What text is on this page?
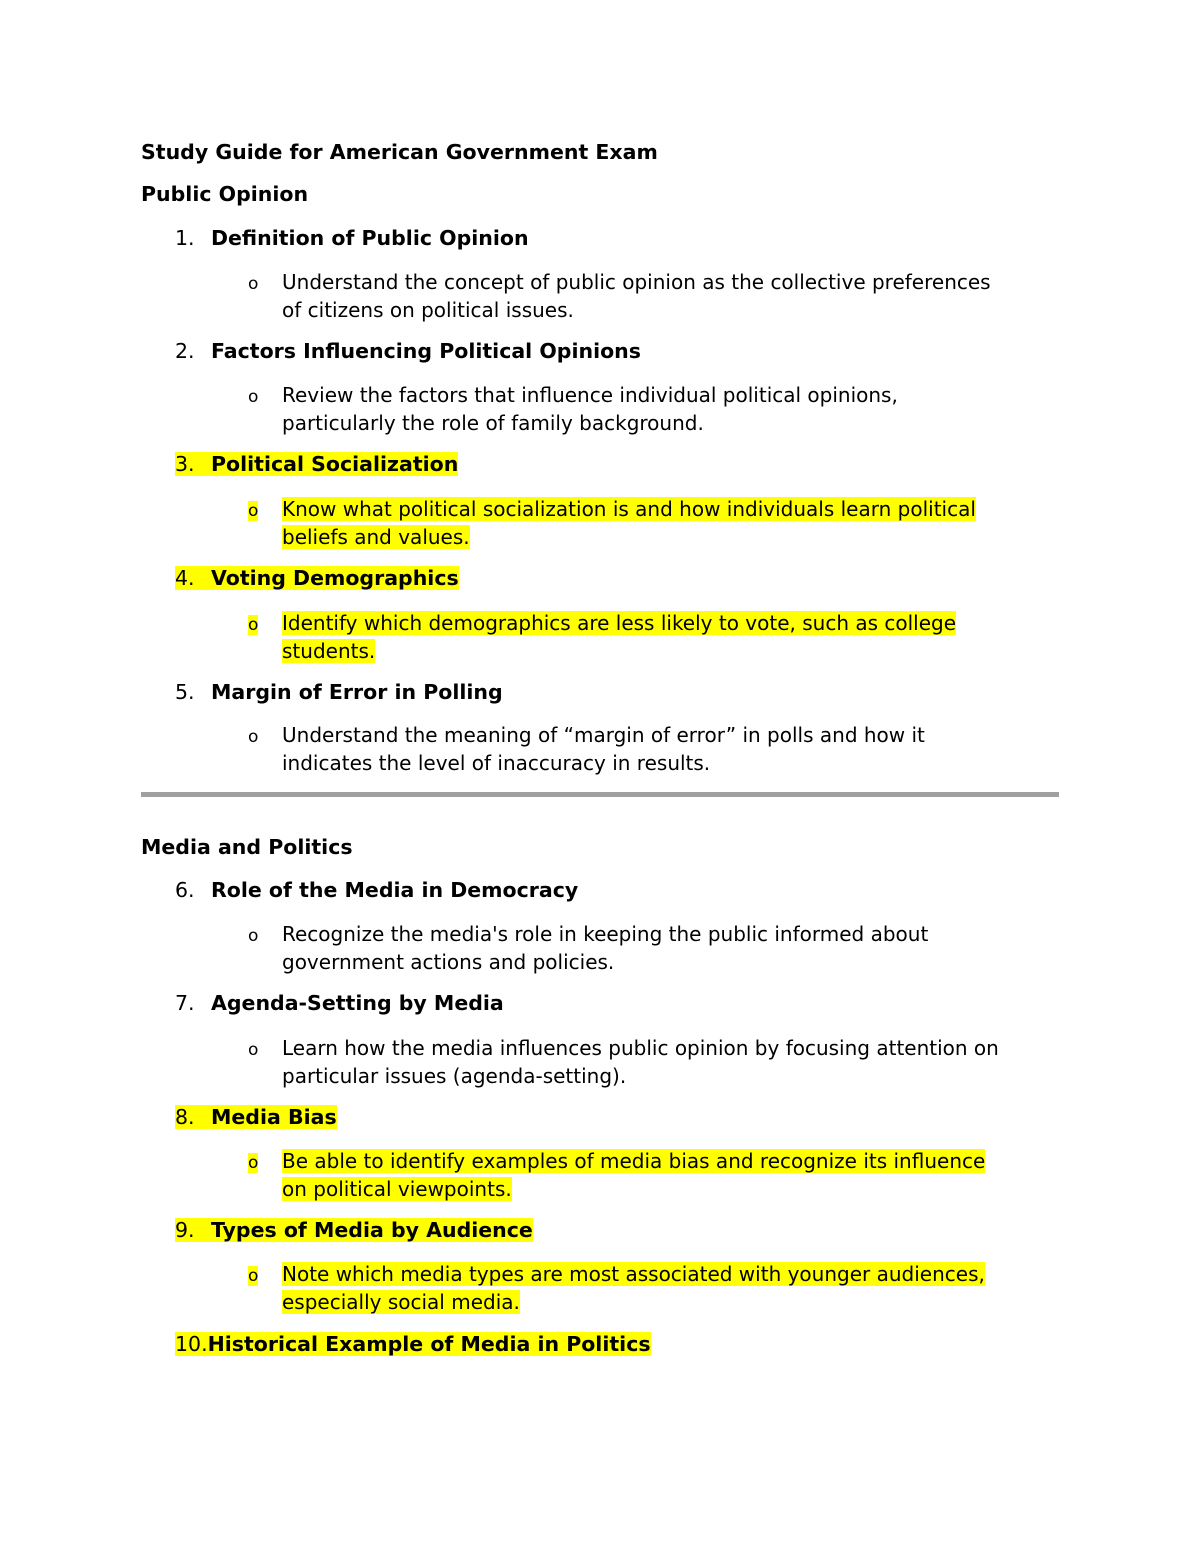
Study Guide for American Government Exam
Public Opinion
1. Definition of Public Opinion
o Understand the concept of public opinion as the collective preferences
of citizens on political issues.
2. Factors Influencing Political Opinions
o Review the factors that influence individual political opinions,
particularly the role of family background.
3. Political Socialization
o Know what political socialization is and how individuals learn political
beliefs and values.
4. Voting Demographics
o Identify which demographics are less likely to vote, such as college
students.
5. Margin of Error in Polling
o Understand the meaning of “margin of error” in polls and how it
indicates the level of inaccuracy in results.
Media and Politics
6. Role of the Media in Democracy
o Recognize the media's role in keeping the public informed about
government actions and policies.
7. Agenda-Setting by Media
o Learn how the media influences public opinion by focusing attention on
particular issues (agenda-setting).
8. Media Bias
o Be able to identify examples of media bias and recognize its influence
on political viewpoints.
9. Types of Media by Audience
o Note which media types are most associated with younger audiences,
especially social media.
10.Historical Example of Media in Politics
